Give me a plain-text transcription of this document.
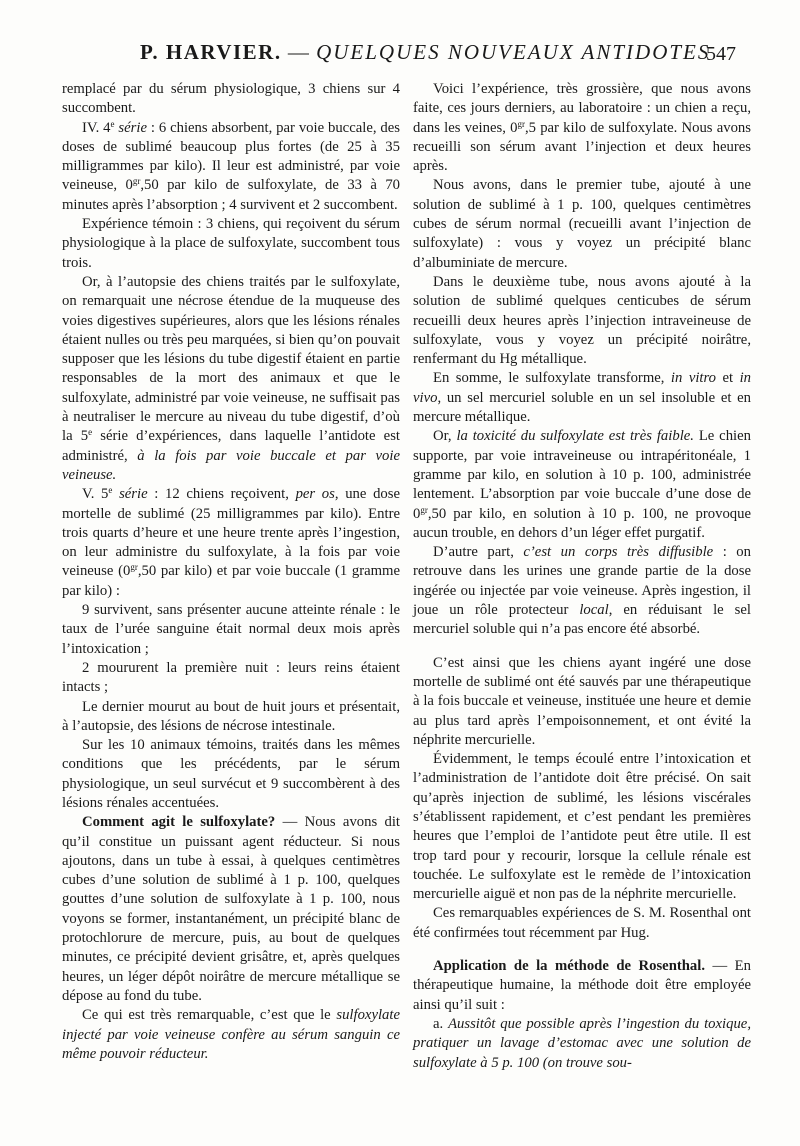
P. HARVIER. — QUELQUES NOUVEAUX ANTIDOTES
547

remplacé par du sérum physiologique, 3 chiens sur 4 succombent.

IV. 4e série : 6 chiens absorbent, par voie buccale, des doses de sublimé beaucoup plus fortes (de 25 à 35 milligrammes par kilo). Il leur est administré, par voie veineuse, $0^{gr},50$ par kilo de sulfoxylate, de 33 à 70 minutes après l’absorption ; 4 survivent et 2 succombent.

Expérience témoin : 3 chiens, qui reçoivent du sérum physiologique à la place de sulfoxylate, succombent tous trois.

Or, à l’autopsie des chiens traités par le sulfoxylate, on remarquait une nécrose étendue de la muqueuse des voies digestives supérieures, alors que les lésions rénales étaient nulles ou très peu marquées, si bien qu’on pouvait supposer que les lésions du tube digestif étaient en partie responsables de la mort des animaux et que le sulfoxylate, administré par voie veineuse, ne suffisait pas à neutraliser le mercure au niveau du tube digestif, d’où la 5e série d’expériences, dans laquelle l’antidote est administré, à la fois par voie buccale et par voie veineuse.

V. 5e série : 12 chiens reçoivent, per os, une dose mortelle de sublimé (25 milligrammes par kilo). Entre trois quarts d’heure et une heure trente après l’ingestion, on leur administre du sulfoxylate, à la fois par voie veineuse ($0^{gr},50$ par kilo) et par voie buccale (1 gramme par kilo) :

9 survivent, sans présenter aucune atteinte rénale : le taux de l’urée sanguine était normal deux mois après l’intoxication ;

2 moururent la première nuit : leurs reins étaient intacts ;

Le dernier mourut au bout de huit jours et présentait, à l’autopsie, des lésions de nécrose intestinale.

Sur les 10 animaux témoins, traités dans les mêmes conditions que les précédents, par le sérum physiologique, un seul survécut et 9 succombèrent à des lésions rénales accentuées.

Comment agit le sulfoxylate? — Nous avons dit qu’il constitue un puissant agent réducteur. Si nous ajoutons, dans un tube à essai, à quelques centimètres cubes d’une solution de sublimé à 1 p. 100, quelques gouttes d’une solution de sulfoxylate à 1 p. 100, nous voyons se former, instantanément, un précipité blanc de protochlorure de mercure, puis, au bout de quelques minutes, ce précipité devient grisâtre, et, après quelques heures, un léger dépôt noirâtre de mercure métallique se dépose au fond du tube.

Ce qui est très remarquable, c’est que le sulfoxylate injecté par voie veineuse confère au sérum sanguin ce même pouvoir réducteur.

Voici l’expérience, très grossière, que nous avons faite, ces jours derniers, au laboratoire : un chien a reçu, dans les veines, $0^{gr},5$ par kilo de sulfoxylate. Nous avons recueilli son sérum avant l’injection et deux heures après.

Nous avons, dans le premier tube, ajouté à une solution de sublimé à 1 p. 100, quelques centimètres cubes de sérum normal (recueilli avant l’injection de sulfoxylate) : vous y voyez un précipité blanc d’albuminiate de mercure.

Dans le deuxième tube, nous avons ajouté à la solution de sublimé quelques centicubes de sérum recueilli deux heures après l’injection intraveineuse de sulfoxylate, vous y voyez un précipité noirâtre, renfermant du Hg métallique.

En somme, le sulfoxylate transforme, in vitro et in vivo, un sel mercuriel soluble en un sel insoluble et en mercure métallique.

Or, la toxicité du sulfoxylate est très faible. Le chien supporte, par voie intraveineuse ou intrapéritonéale, 1 gramme par kilo, en solution à 10 p. 100, administrée lentement. L’absorption par voie buccale d’une dose de $0^{gr},50$ par kilo, en solution à 10 p. 100, ne provoque aucun trouble, en dehors d’un léger effet purgatif.

D’autre part, c’est un corps très diffusible : on retrouve dans les urines une grande partie de la dose ingérée ou injectée par voie veineuse. Après ingestion, il joue un rôle protecteur local, en réduisant le sel mercuriel soluble qui n’a pas encore été absorbé.

C’est ainsi que les chiens ayant ingéré une dose mortelle de sublimé ont été sauvés par une thérapeutique à la fois buccale et veineuse, instituée une heure et demie au plus tard après l’empoisonnement, et ont évité la néphrite mercurielle.

Évidemment, le temps écoulé entre l’intoxication et l’administration de l’antidote doit être précisé. On sait qu’après injection de sublimé, les lésions viscérales s’établissent rapidement, et c’est pendant les premières heures que l’emploi de l’antidote peut être utile. Il est trop tard pour y recourir, lorsque la cellule rénale est touchée. Le sulfoxylate est le remède de l’intoxication mercurielle aiguë et non pas de la néphrite mercurielle.

Ces remarquables expériences de S. M. Rosenthal ont été confirmées tout récemment par Hug.

Application de la méthode de Rosenthal. — En thérapeutique humaine, la méthode doit être employée ainsi qu’il suit :

a. Aussitôt que possible après l’ingestion du toxique, pratiquer un lavage d’estomac avec une solution de sulfoxylate à 5 p. 100 (on trouve sou-
